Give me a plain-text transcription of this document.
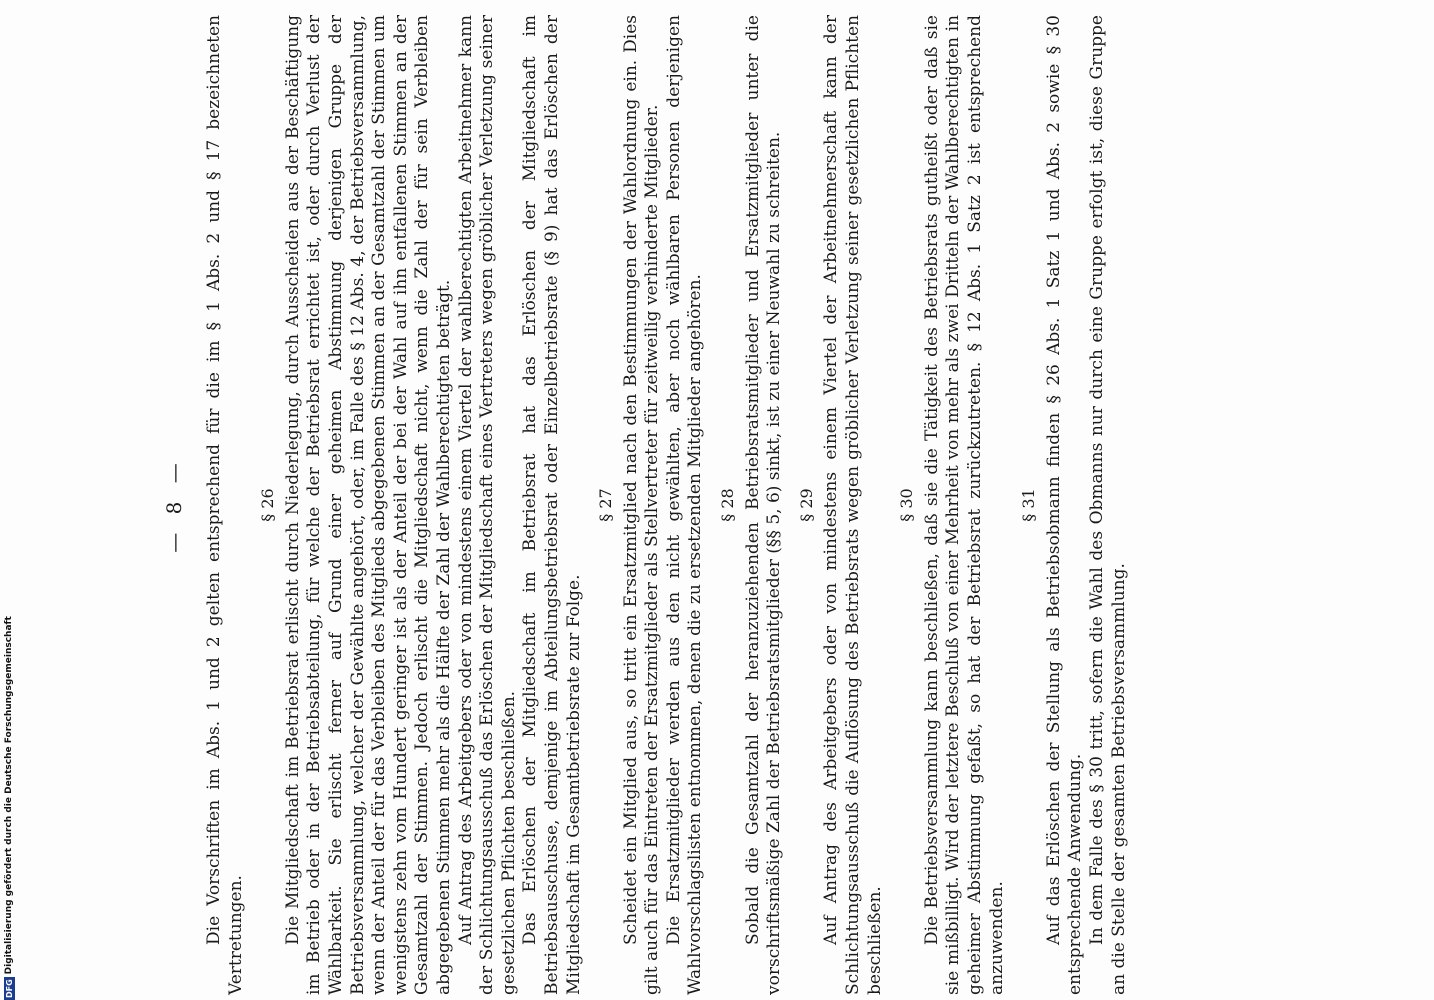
DFG
Digitalisierung gefördert durch die Deutsche Forschungsgemeinschaft
— 8 —	Die Vorschriften im Abs. 1 und 2 gelten entsprechend für die im § 1 Abs. 2 und § 17 bezeichneten Vertretungen.

§ 26 Die Mitgliedschaft im Betriebsrat erlischt durch Niederlegung, durch Ausscheiden aus der Beschäftigung im Betrieb oder in der Betriebsabteilung, für welche der Betriebsrat errichtet ist, oder durch Verlust der Wählbarkeit. Sie erlischt ferner auf Grund einer geheimen Abstimmung derjenigen Gruppe der Betriebsversammlung, welcher der Gewählte angehört, oder, im Falle des § 12 Abs. 4, der Betriebsversammlung, wenn der Anteil der für das Verbleiben des Mitglieds abgegebenen Stimmen an der Gesamtzahl der Stimmen um wenigstens zehn vom Hundert geringer ist als der Anteil der bei der Wahl auf ihn entfallenen Stimmen an der Gesamtzahl der Stimmen. Jedoch erlischt die Mitgliedschaft nicht, wenn die Zahl der für sein Verbleiben abgegebenen Stimmen mehr als die Hälfte der Zahl der Wahlberechtigten beträgt. Auf Antrag des Arbeitgebers oder von mindestens einem Viertel der wahlberechtigten Arbeitnehmer kann der Schlichtungsausschuß das Erlöschen der Mitgliedschaft eines Vertreters wegen gröblicher Verletzung seiner gesetzlichen Pflichten beschließen. Das Erlöschen der Mitgliedschaft im Betriebsrat hat das Erlöschen der Mitgliedschaft im Betriebsausschusse, demjenige im Abteilungsbetriebsrat oder Einzelbetriebsrate (§ 9) hat das Erlöschen der Mitgliedschaft im Gesamtbetriebsrate zur Folge.

§ 27 Scheidet ein Mitglied aus, so tritt ein Ersatzmitglied nach den Bestimmungen der Wahlordnung ein. Dies gilt auch für das Eintreten der Ersatzmitglieder als Stellvertreter für zeitweilig verhinderte Mitglieder. Die Ersatzmitglieder werden aus den nicht gewählten, aber noch wählbaren Personen derjenigen Wahlvorschlagslisten entnommen, denen die zu ersetzenden Mitglieder angehören. § 28 Sobald die Gesamtzahl der heranzuziehenden Betriebsratsmitglieder und Ersatzmitglieder unter die vorschriftsmäßige Zahl der Betriebsratsmitglieder (§§ 5, 6) sinkt, ist zu einer Neuwahl zu schreiten. § 29 Auf Antrag des Arbeitgebers oder von mindestens einem Viertel der Arbeitnehmerschaft kann der Schlichtungsausschuß die Auflösung des Betriebsrats wegen gröblicher Verletzung seiner gesetzlichen Pflichten beschließen.

§ 30 Die Betriebsversammlung kann beschließen, daß sie die Tätigkeit des Betriebsrats gutheißt oder daß sie sie mißbilligt. Wird der letztere Beschluß von einer Mehrheit von mehr als zwei Dritteln der Wahlberechtigten in geheimer Abstimmung gefaßt, so hat der Betriebsrat zurückzutreten. § 12 Abs. 1 Satz 2 ist entsprechend anzuwenden.

§ 31 Auf das Erlöschen der Stellung als Betriebsobmann finden § 26 Abs. 1 Satz 1 und Abs. 2 sowie § 30 entsprechende Anwendung. In dem Falle des § 30 tritt, sofern die Wahl des Obmanns nur durch eine Gruppe erfolgt ist, diese Gruppe an die Stelle der gesamten Betriebsversammlung.
